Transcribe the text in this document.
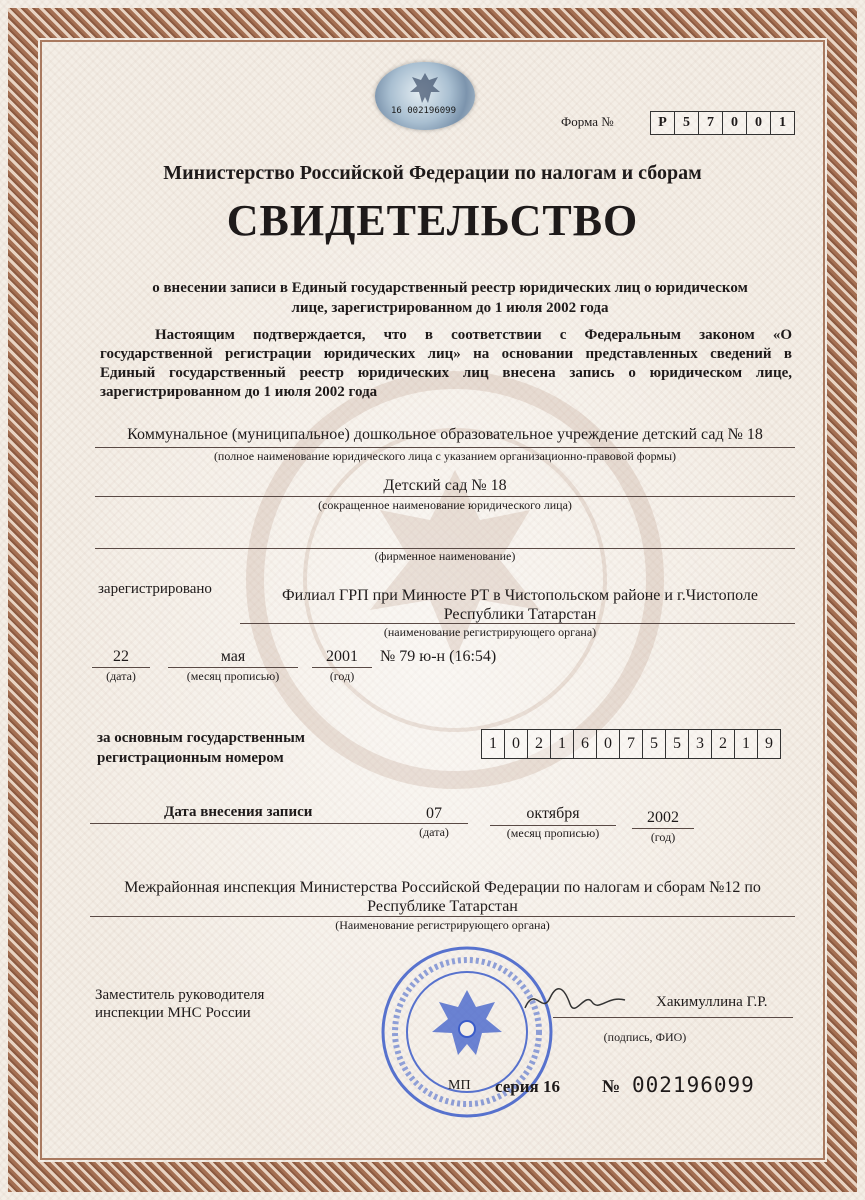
16 002196099
Форма №	Р	5	7	0	0	1
Министерство Российской Федерации по налогам и сборам
СВИДЕТЕЛЬСТВО
о внесении записи в Единый государственный реестр юридических лиц о юридическом
лице, зарегистрированном до 1 июля 2002 года
Настоящим подтверждается, что в соответствии с Федеральным законом «О
государственной регистрации юридических лиц» на основании представленных сведений в
Единый государственный реестр юридических лиц внесена запись о юридическом лице,
зарегистрированном до 1 июля 2002 года
Коммунальное (муниципальное) дошкольное образовательное учреждение детский сад № 18
(полное наименование юридического лица с указанием организационно-правовой формы)
Детский сад № 18
(сокращенное наименование юридического лица)
(фирменное наименование)
зарегистрировано	Филиал ГРП при Минюсте РТ в Чистопольском районе и г.Чистополе
Республики Татарстан
(наименование регистрирующего органа)
22
(дата)
мая
(месяц прописью)
2001
(год)
№ 79 ю-н (16:54)
за основным государственным
регистрационным номером
1 0 2 1 6 0 7 5 5 3 2 1 9
Дата внесения записи	07
(дата)
октября
(месяц прописью)
2002
(год)
Межрайонная инспекция Министерства Российской Федерации по налогам и сборам №12 по
Республике Татарстан
(Наименование регистрирующего органа)
Заместитель руководителя
инспекции МНС России
Хакимуллина Г.Р.
(подпись, ФИО)
МП серия 16 № 002196099
